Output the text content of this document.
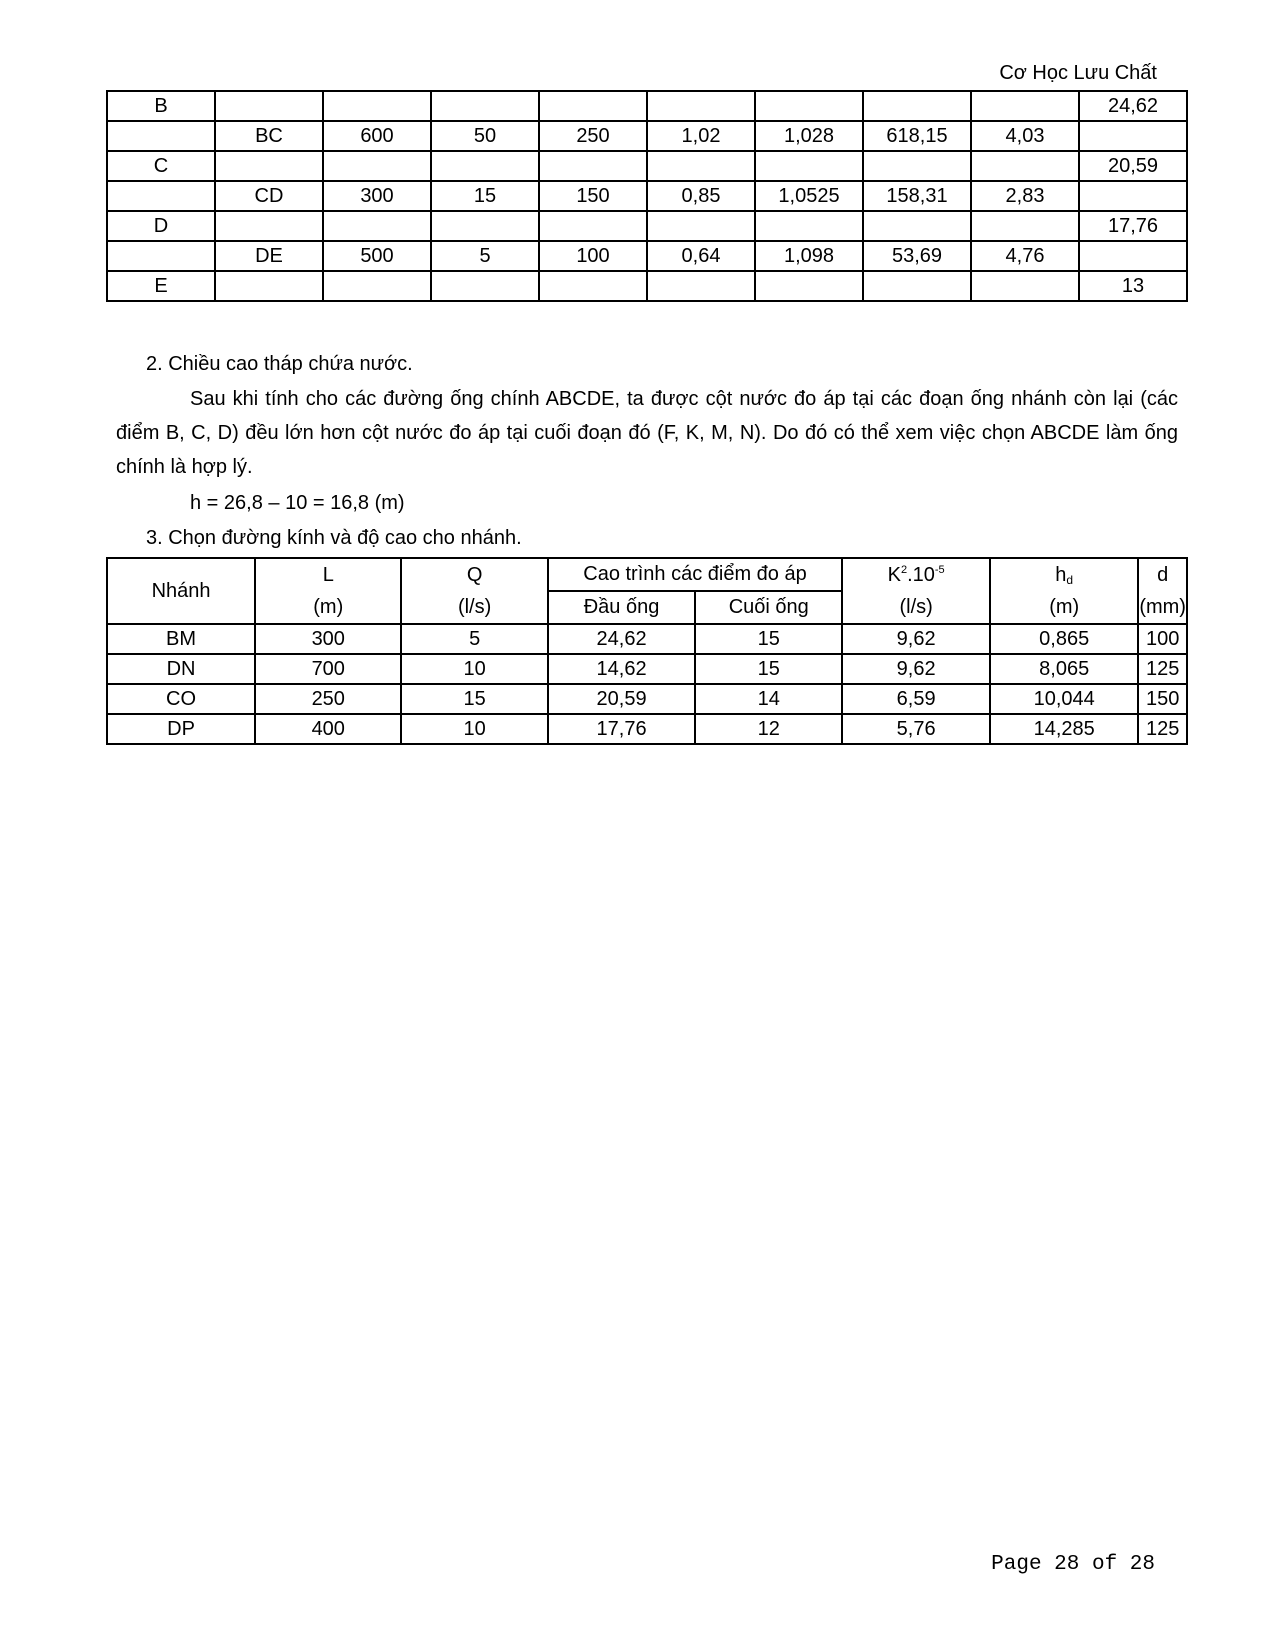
Cơ Học Lưu Chất
B									24,62
	BC	600	50	250	1,02	1,028	618,15	4,03	
C									20,59
	CD	300	15	150	0,85	1,0525	158,31	2,83	
D									17,76
	DE	500	5	100	0,64	1,098	53,69	4,76	
E									13
2. Chiều cao tháp chứa nước.
Sau khi tính cho các đường ống chính ABCDE, ta được cột nước đo áp tại các đoạn ống nhánh còn lại (các điểm B, C, D) đều lớn hơn cột nước đo áp tại cuối đoạn đó (F, K, M, N). Do đó có thể xem việc chọn ABCDE làm ống chính là hợp lý.
h = 26,8 – 10 = 16,8 (m)
3. Chọn đường kính và độ cao cho nhánh.
Nhánh	L	Q	Cao trình các điểm đo áp		$K^2.10^{-5}$	$h_d$	d
	(m)	(l/s)	Đầu ống	Cuối ống	(l/s)	(m)	(mm)
BM	300	5	24,62	15	9,62	0,865	100
DN	700	10	14,62	15	9,62	8,065	125
CO	250	15	20,59	14	6,59	10,044	150
DP	400	10	17,76	12	5,76	14,285	125
Page 28 of 28
